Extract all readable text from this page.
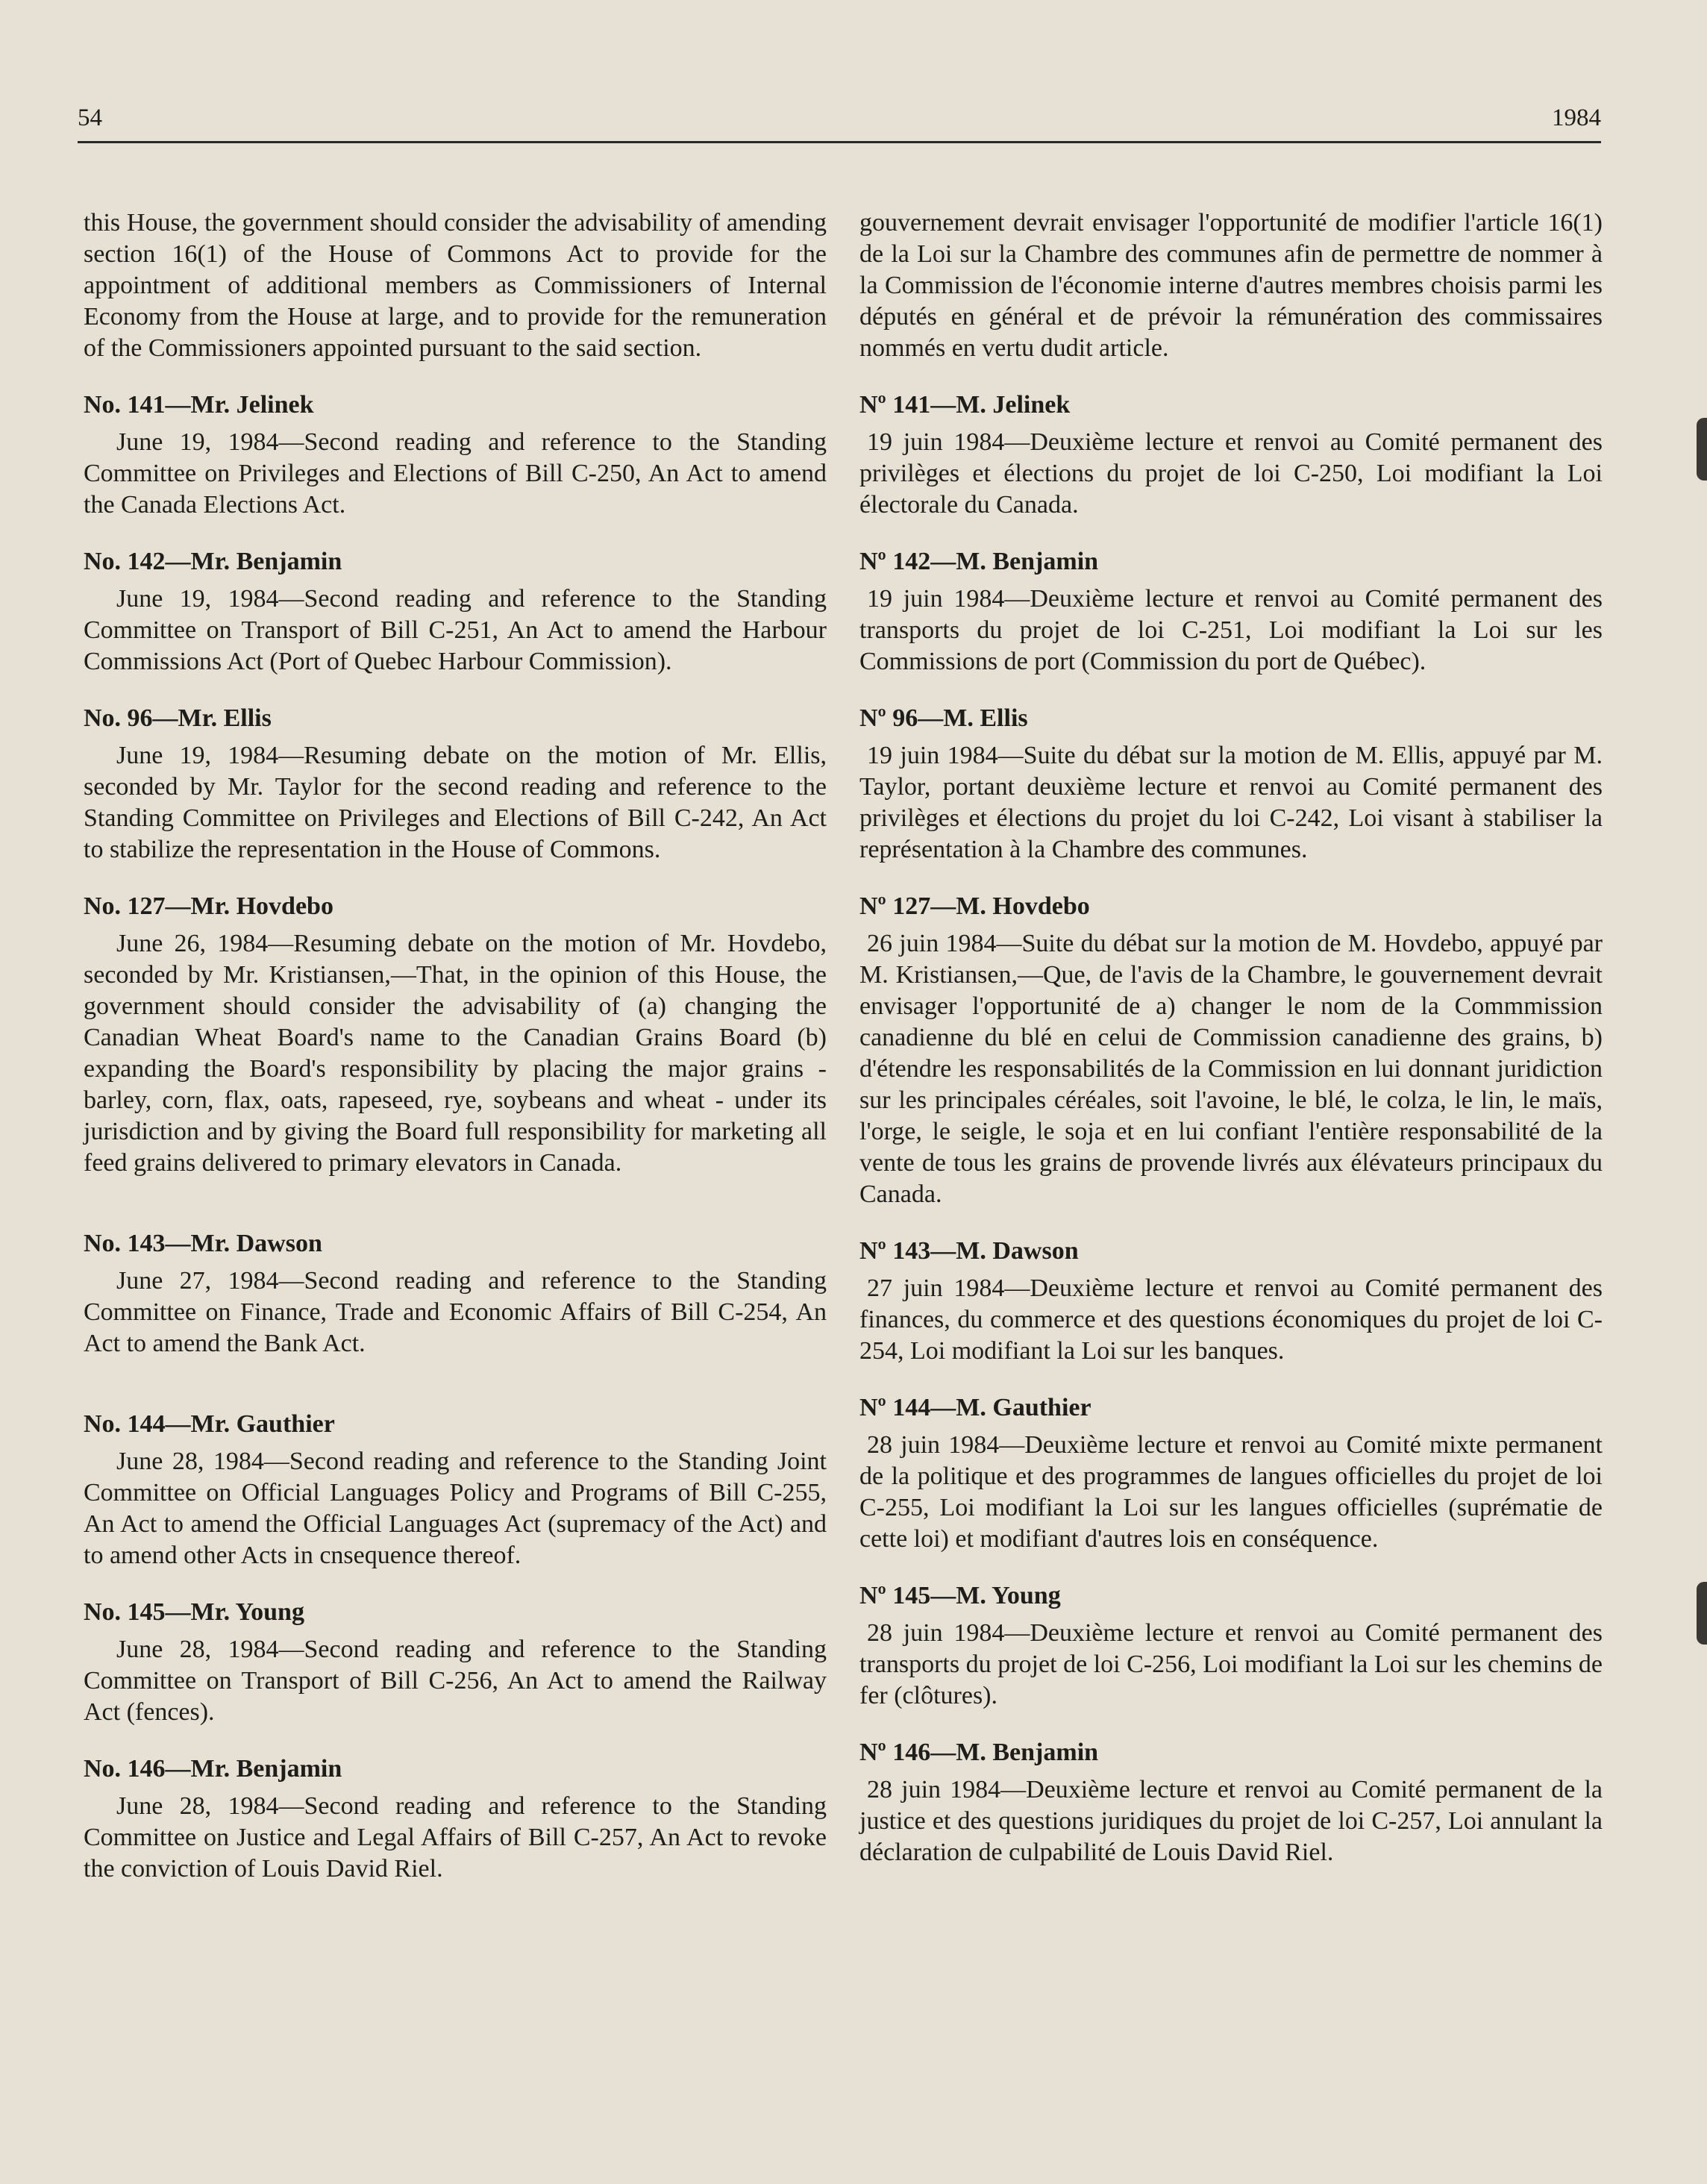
54	1984

this House, the government should consider the advisability of amending section 16(1) of the House of Commons Act to provide for the appointment of additional members as Commissioners of Internal Economy from the House at large, and to provide for the remuneration of the Commissioners appointed pursuant to the said section.

No. 141—Mr. Jelinek

June 19, 1984—Second reading and reference to the Standing Committee on Privileges and Elections of Bill C-250, An Act to amend the Canada Elections Act.

No. 142—Mr. Benjamin

June 19, 1984—Second reading and reference to the Standing Committee on Transport of Bill C-251, An Act to amend the Harbour Commissions Act (Port of Quebec Harbour Commission).

No. 96—Mr. Ellis

June 19, 1984—Resuming debate on the motion of Mr. Ellis, seconded by Mr. Taylor for the second reading and reference to the Standing Committee on Privileges and Elections of Bill C-242, An Act to stabilize the representation in the House of Commons.

No. 127—Mr. Hovdebo

June 26, 1984—Resuming debate on the motion of Mr. Hovdebo, seconded by Mr. Kristiansen,—That, in the opinion of this House, the government should consider the advisability of (a) changing the Canadian Wheat Board's name to the Canadian Grains Board (b) expanding the Board's responsibility by placing the major grains - barley, corn, flax, oats, rapeseed, rye, soybeans and wheat - under its jurisdiction and by giving the Board full responsibility for marketing all feed grains delivered to primary elevators in Canada.

No. 143—Mr. Dawson

June 27, 1984—Second reading and reference to the Standing Committee on Finance, Trade and Economic Affairs of Bill C-254, An Act to amend the Bank Act.

No. 144—Mr. Gauthier

June 28, 1984—Second reading and reference to the Standing Joint Committee on Official Languages Policy and Programs of Bill C-255, An Act to amend the Official Languages Act (supremacy of the Act) and to amend other Acts in cnsequence thereof.

No. 145—Mr. Young

June 28, 1984—Second reading and reference to the Standing Committee on Transport of Bill C-256, An Act to amend the Railway Act (fences).

No. 146—Mr. Benjamin

June 28, 1984—Second reading and reference to the Standing Committee on Justice and Legal Affairs of Bill C-257, An Act to revoke the conviction of Louis David Riel.

gouvernement devrait envisager l'opportunité de modifier l'article 16(1) de la Loi sur la Chambre des communes afin de permettre de nommer à la Commission de l'économie interne d'autres membres choisis parmi les députés en général et de prévoir la rémunération des commissaires nommés en vertu dudit article.

Nº 141—M. Jelinek

19 juin 1984—Deuxième lecture et renvoi au Comité permanent des privilèges et élections du projet de loi C-250, Loi modifiant la Loi électorale du Canada.

Nº 142—M. Benjamin

19 juin 1984—Deuxième lecture et renvoi au Comité permanent des transports du projet de loi C-251, Loi modifiant la Loi sur les Commissions de port (Commission du port de Québec).

Nº 96—M. Ellis

19 juin 1984—Suite du débat sur la motion de M. Ellis, appuyé par M. Taylor, portant deuxième lecture et renvoi au Comité permanent des privilèges et élections du projet du loi C-242, Loi visant à stabiliser la représentation à la Chambre des communes.

Nº 127—M. Hovdebo

26 juin 1984—Suite du débat sur la motion de M. Hovdebo, appuyé par M. Kristiansen,—Que, de l'avis de la Chambre, le gouvernement devrait envisager l'opportunité de a) changer le nom de la Commmission canadienne du blé en celui de Commission canadienne des grains, b) d'étendre les responsabilités de la Commission en lui donnant juridiction sur les principales céréales, soit l'avoine, le blé, le colza, le lin, le maïs, l'orge, le seigle, le soja et en lui confiant l'entière responsabilité de la vente de tous les grains de provende livrés aux élévateurs principaux du Canada.

Nº 143—M. Dawson

27 juin 1984—Deuxième lecture et renvoi au Comité permanent des finances, du commerce et des questions économiques du projet de loi C-254, Loi modifiant la Loi sur les banques.

Nº 144—M. Gauthier

28 juin 1984—Deuxième lecture et renvoi au Comité mixte permanent de la politique et des programmes de langues officielles du projet de loi C-255, Loi modifiant la Loi sur les langues officielles (suprématie de cette loi) et modifiant d'autres lois en conséquence.

Nº 145—M. Young

28 juin 1984—Deuxième lecture et renvoi au Comité permanent des transports du projet de loi C-256, Loi modifiant la Loi sur les chemins de fer (clôtures).

Nº 146—M. Benjamin

28 juin 1984—Deuxième lecture et renvoi au Comité permanent de la justice et des questions juridiques du projet de loi C-257, Loi annulant la déclaration de culpabilité de Louis David Riel.
